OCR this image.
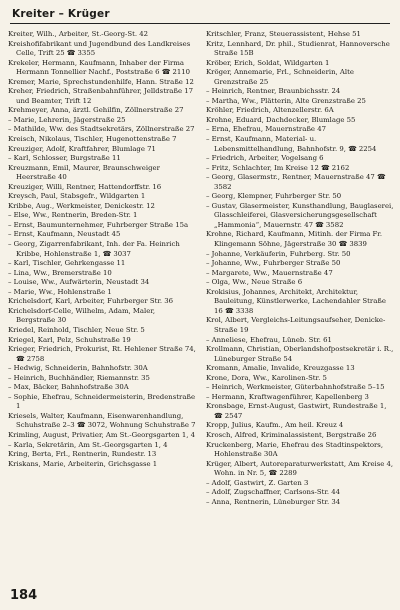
Kreiter – Krüger
Kreiter, Wilh., Arbeiter, St.-Georg-St. 42
Kreishofifabrikant und Jugendbund des Landkreises Celle, Trift 25 ☎ 3355
Krekeler, Hermann, Kaufmann, Inhaber der Firma Hermann Tonnellier Nachf., Poststraße 6 ☎ 2110
Kremer, Marie, Sprechstundenhilfe, Hann. Straße 12
Kreher, Friedrich, Straßenbahnführer, Jelldstraße 17 und Beamter, Trift 12
Krehmeyer, Anna, ärztl. Gehilfin, Zöllnerstraße 27
– Marie, Lehrerin, Jägerstraße 25
– Mathilde, Ww. des Stadtsekretärs, Zöllnerstraße 27
Kreisch, Nikolaus, Tischler, Hugenottenstraße 7
Kreuziger, Adolf, Kraftfahrer, Blumlage 71
– Karl, Schlosser, Burgstraße 11
Kreuzmann, Emil, Maurer, Braunschweiger Heerstraße 40
Kreuziger, Willi, Rentner, Hattendorffstr. 16
Kreysch, Paul, Stabsgefr., Wildgarten 1
Kribbe, Aug., Werkmeister, Denickestr. 12
– Else, Ww., Rentnerin, Breden-Str. 1
– Ernst, Baumunternehmer, Fuhrberger Straße 15a
– Ernst, Kaufmann, Neustadt 45
– Georg, Zigarrenfabrikant, Inh. der Fa. Heinrich Kribbe, Hohlenstraße 1, ☎ 3037
– Karl, Tischler, Gehrkengasse 11
– Lina, Ww., Bremerstraße 10
– Louise, Ww., Aufwärterin, Neustadt 34
– Marie, Ww., Hohlenstraße 1
Krichelsdorf, Karl, Arbeiter, Fuhrberger Str. 36
Krichelsdorf-Celle, Wilhelm, Adam, Maler, Bergstraße 30
Kriedel, Reinhold, Tischler, Neue Str. 5
Kriegel, Karl, Pelz, Schuhstraße 19
Krieger, Friedrich, Prokurist, Rt. Hehlener Straße 74, ☎ 2758
– Hedwig, Schneiderin, Bahnhofstr. 30A
– Heinrich, Buchhändler, Riemannstr. 35
– Max, Bäcker, Bahnhofstraße 30A
– Sophie, Ehefrau, Schneidermeisterin, Bredenstraße 1
Kriesels, Walter, Kaufmann, Eisenwarenhandlung, Schuhstraße 2–3 ☎ 3072, Wohnung Schuhstraße 7
Krimling, August, Privatier, Am St.-Georgsgarten 1, 4
– Karla, Sekretärin, Am St.-Georgsgarten 1, 4
Kring, Berta, Frl., Rentnerin, Rundestr. 13
Kriskans, Marie, Arbeiterin, Grichsgasse 1
Kritschler, Franz, Steuerassistent, Hehse 51
Kritz, Lennhard, Dr. phil., Studienrat, Hannoversche Straße 15B
Kröber, Erich, Soldat, Wildgarten 1
Kröger, Annemarie, Frl., Schneiderin, Alte Grenzstraße 25
– Heinrich, Rentner, Braunbichsstr. 24
– Martha, Ww., Plätterin, Alte Grenzstraße 25
Kröhler, Friedrich, Altenzellerstr. 6A
Krohne, Eduard, Dachdecker, Blumlage 55
– Erna, Ehefrau, Mauernstraße 47
– Ernst, Kaufmann, Material- u. Lebensmittelhandlung, Bahnhofstr. 9, ☎ 2254
– Friedrich, Arbeiter, Vogelsang 6
– Fritz, Schlachter, Im Kreise 12 ☎ 2162
– Georg, Glasermstr., Rentner, Mauernstraße 47 ☎ 3582
– Georg, Klempner, Fuhrberger Str. 50
– Gustav, Glasermeister, Kunsthandlung, Bauglaserei, Glasschleiferei, Glasversicherungsgesellschaft „Hammonia“, Mauernstr. 47 ☎ 3582
Krohne, Richard, Kaufmann, Mitinh. der Firma Fr. Klingemann Söhne, Jägerstraße 30 ☎ 3839
– Johanne, Verkäuferin, Fuhrberg. Str. 50
– Johanne, Ww., Fuhrberger Straße 50
– Margarete, Ww., Mauernstraße 47
– Olga, Ww., Neue Straße 6
Krokisius, Johannes, Architekt, Architektur, Bauleitung, Künstlerwerke, Lachendahler Straße 16 ☎ 3338
Krol, Albert, Vergleichs-Leitungsaufseher, Denicke-Straße 19
– Anneliese, Ehefrau, Lüneb. Str. 61
Krollmann, Christian, Oberlandshofpostsekretär i. R., Lüneburger Straße 54
Kromann, Amalie, Invalide, Kreuzgasse 13
Krone, Dora, Ww., Karolinen-Str. 5
– Heinrich, Werkmeister, Güterbahnhofstraße 5–15
– Hermann, Kraftwagenführer, Kapellenberg 3
Kronsbage, Ernst-August, Gastwirt, Rundestraße 1, ☎ 2547
Kropp, Julius, Kaufm., Am heil. Kreuz 4
Krosch, Alfred, Kriminalassistent, Bergstraße 26
Kruckenberg, Marie, Ehefrau des Stadtinspektors, Hohlenstraße 30A
Krüger, Albert, Autoreparaturwerkstatt, Am Kreise 4, Wohn. in Nr. 5, ☎ 2289
– Adolf, Gastwirt, Z. Garten 3
– Adolf, Zugschaffner, Carlsons-Str. 44
– Anna, Rentnerin, Lüneburger Str. 34
184
